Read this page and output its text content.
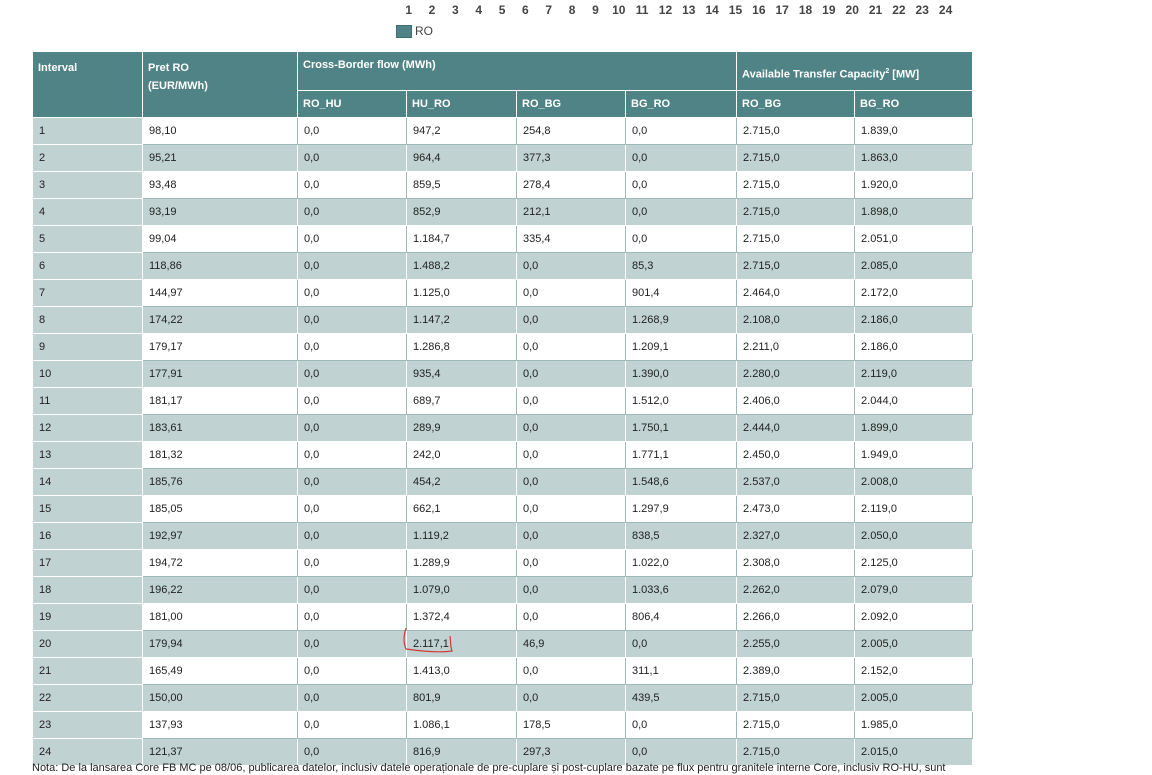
1	2	3	4	5	6	7	8	9	10 11 12 13 14 15 16 17 18 19 20 21 22 23 24
RO
Interval	Pret RO
(EUR/MWh)	Cross-Border flow (MWh)				Available Transfer Capacity$^2$ [MW]	
		RO_HU	HU_RO	RO_BG	BG_RO	RO_BG	BG_RO
1	98,10	0,0	947,2	254,8	0,0	2.715,0	1.839,0
2	95,21	0,0	964,4	377,3	0,0	2.715,0	1.863,0
3	93,48	0,0	859,5	278,4	0,0	2.715,0	1.920,0
4	93,19	0,0	852,9	212,1	0,0	2.715,0	1.898,0
5	99,04	0,0	1.184,7	335,4	0,0	2.715,0	2.051,0
6	118,86	0,0	1.488,2	0,0	85,3	2.715,0	2.085,0
7	144,97	0,0	1.125,0	0,0	901,4	2.464,0	2.172,0
8	174,22	0,0	1.147,2	0,0	1.268,9	2.108,0	2.186,0
9	179,17	0,0	1.286,8	0,0	1.209,1	2.211,0	2.186,0
10	177,91	0,0	935,4	0,0	1.390,0	2.280,0	2.119,0
11	181,17	0,0	689,7	0,0	1.512,0	2.406,0	2.044,0
12	183,61	0,0	289,9	0,0	1.750,1	2.444,0	1.899,0
13	181,32	0,0	242,0	0,0	1.771,1	2.450,0	1.949,0
14	185,76	0,0	454,2	0,0	1.548,6	2.537,0	2.008,0
15	185,05	0,0	662,1	0,0	1.297,9	2.473,0	2.119,0
16	192,97	0,0	1.119,2	0,0	838,5	2.327,0	2.050,0
17	194,72	0,0	1.289,9	0,0	1.022,0	2.308,0	2.125,0
18	196,22	0,0	1.079,0	0,0	1.033,6	2.262,0	2.079,0
19	181,00	0,0	1.372,4	0,0	806,4	2.266,0	2.092,0
20	179,94	0,0	2.117,1	46,9	0,0	2.255,0	2.005,0
21	165,49	0,0	1.413,0	0,0	311,1	2.389,0	2.152,0
22	150,00	0,0	801,9	0,0	439,5	2.715,0	2.005,0
23	137,93	0,0	1.086,1	178,5	0,0	2.715,0	1.985,0
24	121,37	0,0	816,9	297,3	0,0	2.715,0	2.015,0
Nota: De la lansarea Core FB MC pe 08/06, publicarea datelor, inclusiv datele operaționale de pre-cuplare și post-cuplare bazate pe flux pentru granitele interne Core, inclusiv RO-HU, sunt
